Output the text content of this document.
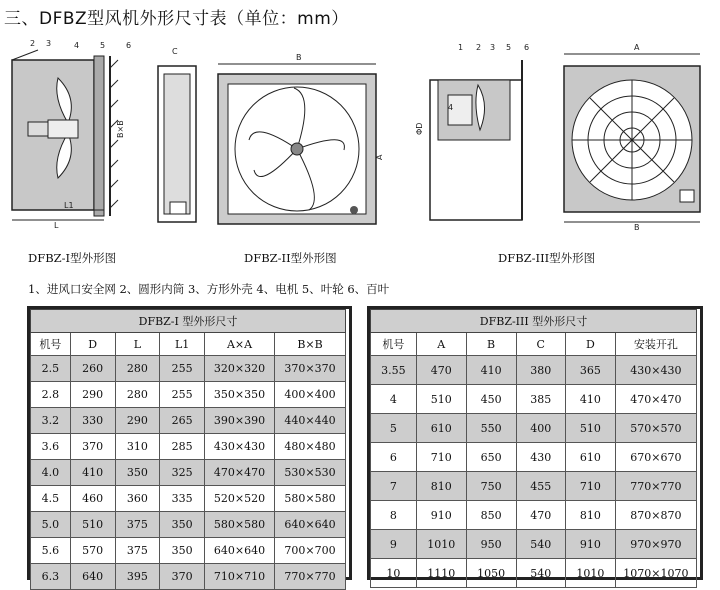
三、DFBZ型风机外形尺寸表（单位：mm）
L1
L
B×B
2 3	4	5	6
DFBZ-I型外形图
C
B
A
DFBZ-II型外形图
1 2 3 5 6
4
ΦD
A
B
DFBZ-III型外形图
1、进风口安全网 2、圆形内筒 3、方形外壳 4、电机 5、叶轮 6、百叶
DFBZ-I 型外形尺寸					
机号	D	L	L1	A×A	B×B
2.5	260	280	255	320×320	370×370
2.8	290	280	255	350×350	400×400
3.2	330	290	265	390×390	440×440
3.6	370	310	285	430×430	480×480
4.0	410	350	325	470×470	530×530
4.5	460	360	335	520×520	580×580
5.0	510	375	350	580×580	640×640
5.6	570	375	350	640×640	700×700
6.3	640	395	370	710×710	770×770
DFBZ-III 型外形尺寸					
机号	A	B	C	D	安装开孔
3.55	470	410	380	365	430×430
4	510	450	385	410	470×470
5	610	550	400	510	570×570
6	710	650	430	610	670×670
7	810	750	455	710	770×770
8	910	850	470	810	870×870
9	1010	950	540	910	970×970
10	1110	1050	540	1010	1070×1070
